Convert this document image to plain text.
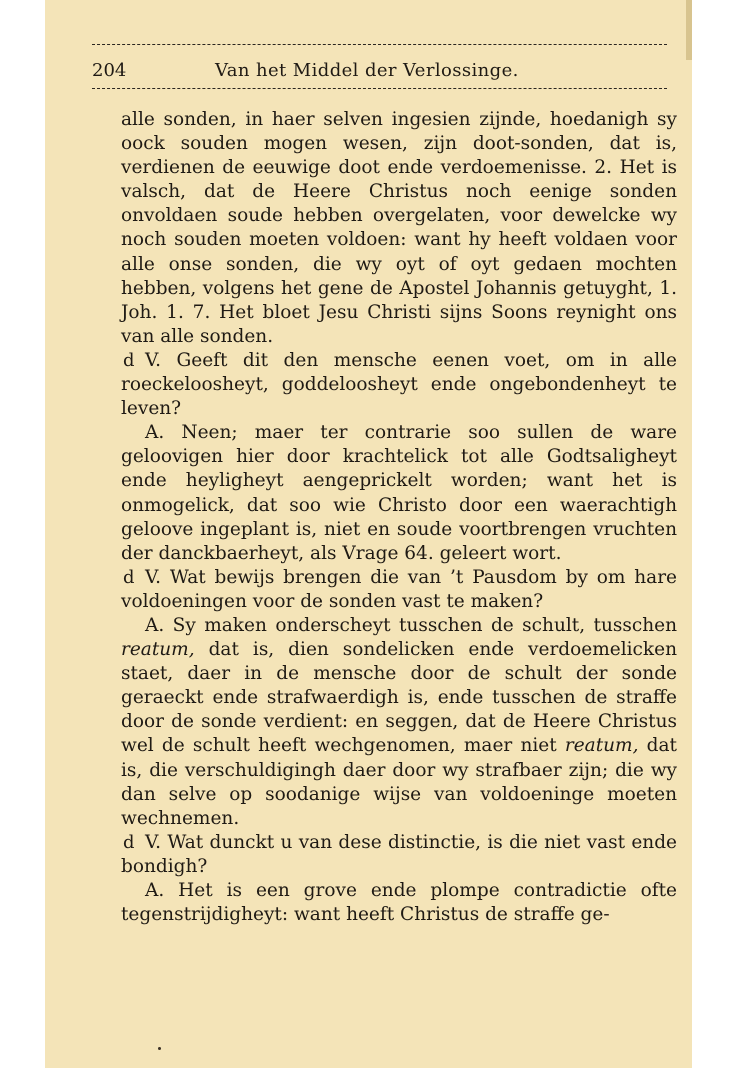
204	Van het Middel der Verlossinge.

alle sonden, in haer selven ingesien zijnde, hoedanigh sy oock souden mogen wesen, zijn doot-sonden, dat is, verdienen de eeuwige doot ende verdoemenisse. 2. Het is valsch, dat de Heere Christus noch eenige sonden onvoldaen soude hebben overgelaten, voor dewelcke wy noch souden moeten voldoen: want hy heeft voldaen voor alle onse sonden, die wy oyt of oyt gedaen mochten hebben, volgens het gene de Apostel Johannis getuyght, 1. Joh. 1. 7. Het bloet Jesu Christi sijns Soons reynight ons van alle sonden.

d V. Geeft dit den mensche eenen voet, om in alle roeckeloosheyt, goddeloosheyt ende ongebondenheyt te leven?

A. Neen; maer ter contrarie soo sullen de ware geloovigen hier door krachtelick tot alle Godtsaligheyt ende heyligheyt aengeprickelt worden; want het is onmogelick, dat soo wie Christo door een waerachtigh geloove ingeplant is, niet en soude voortbrengen vruchten der danckbaerheyt, als Vrage 64. geleert wort.

d V. Wat bewijs brengen die van ’t Pausdom by om hare voldoeningen voor de sonden vast te maken?

A. Sy maken onderscheyt tusschen de schult, tusschen reatum, dat is, dien sondelicken ende verdoemelicken staet, daer in de mensche door de schult der sonde geraeckt ende strafwaerdigh is, ende tusschen de straffe door de sonde verdient: en seggen, dat de Heere Christus wel de schult heeft wechgenomen, maer niet reatum, dat is, die verschuldigingh daer door wy strafbaer zijn; die wy dan selve op soodanige wijse van voldoeninge moeten wechnemen.

d V. Wat dunckt u van dese distinctie, is die niet vast ende bondigh?

A. Het is een grove ende plompe contradictie ofte tegenstrijdigheyt: want heeft Christus de straffe ge-
